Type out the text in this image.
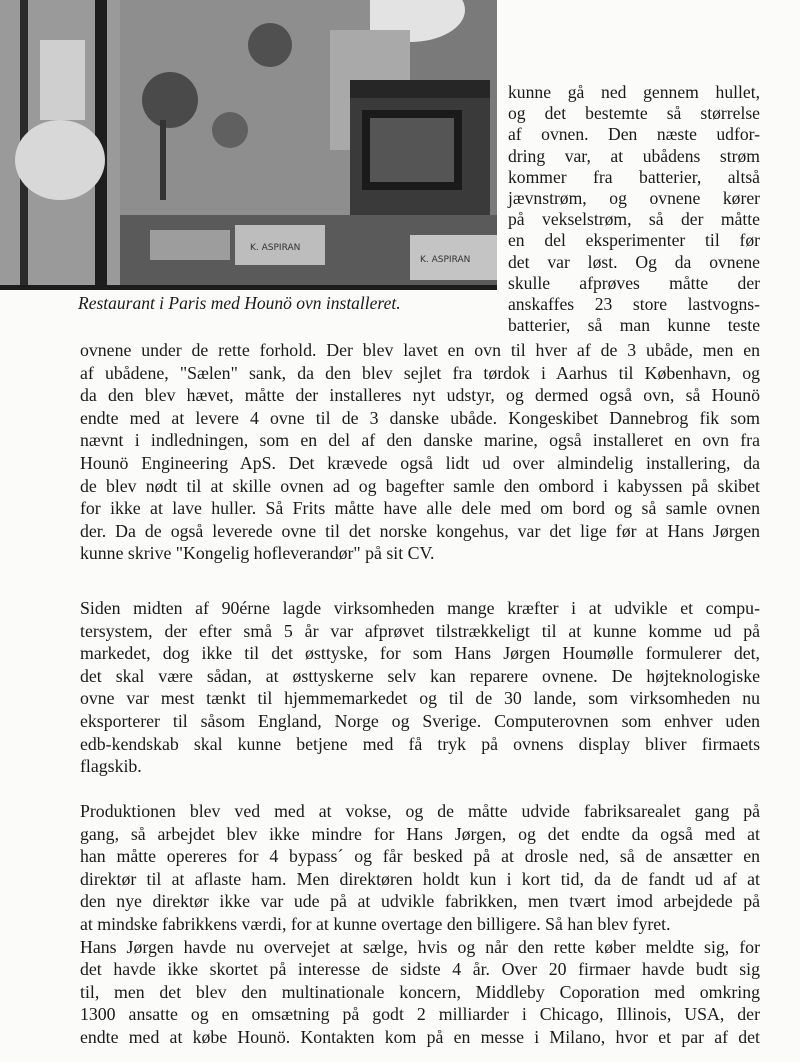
K. ASPIRAN
K. ASPIRAN
Restaurant i Paris med Hounö ovn installeret.
kunne gå ned gennem hullet,
og det bestemte så størrelse
af ovnen. Den næste udfor-
dring var, at ubådens strøm
kommer fra batterier, altså
jævnstrøm, og ovnene kører
på vekselstrøm, så der måtte
en del eksperimenter til før
det var løst. Og da ovnene
skulle afprøves måtte der
anskaffes 23 store lastvogns-
batterier, så man kunne teste
ovnene under de rette forhold. Der blev lavet en ovn til hver af de 3 ubåde, men en
af ubådene, "Sælen" sank, da den blev sejlet fra tørdok i Aarhus til København, og
da den blev hævet, måtte der installeres nyt udstyr, og dermed også ovn, så Hounö
endte med at levere 4 ovne til de 3 danske ubåde. Kongeskibet Dannebrog fik som
nævnt i indledningen, som en del af den danske marine, også installeret en ovn fra
Hounö Engineering ApS. Det krævede også lidt ud over almindelig installering, da
de blev nødt til at skille ovnen ad og bagefter samle den ombord i kabyssen på skibet
for ikke at lave huller. Så Frits måtte have alle dele med om bord og så samle ovnen
der. Da de også leverede ovne til det norske kongehus, var det lige før at Hans Jørgen
kunne skrive "Kongelig hofleverandør" på sit CV.
Siden midten af 90érne lagde virksomheden mange kræfter i at udvikle et compu-
tersystem, der efter små 5 år var afprøvet tilstrækkeligt til at kunne komme ud på
markedet, dog ikke til det østtyske, for som Hans Jørgen Houmølle formulerer det,
det skal være sådan, at østtyskerne selv kan reparere ovnene. De højteknologiske
ovne var mest tænkt til hjemmemarkedet og til de 30 lande, som virksomheden nu
eksporterer til såsom England, Norge og Sverige. Computerovnen som enhver uden
edb-kendskab skal kunne betjene med få tryk på ovnens display bliver firmaets
flagskib.
Produktionen blev ved med at vokse, og de måtte udvide fabriksarealet gang på
gang, så arbejdet blev ikke mindre for Hans Jørgen, og det endte da også med at
han måtte opereres for 4 bypass´ og får besked på at drosle ned, så de ansætter en
direktør til at aflaste ham. Men direktøren holdt kun i kort tid, da de fandt ud af at
den nye direktør ikke var ude på at udvikle fabrikken, men tvært imod arbejdede på
at mindske fabrikkens værdi, for at kunne overtage den billigere. Så han blev fyret.
Hans Jørgen havde nu overvejet at sælge, hvis og når den rette køber meldte sig, for
det havde ikke skortet på interesse de sidste 4 år. Over 20 firmaer havde budt sig
til, men det blev den multinationale koncern, Middleby Coporation med omkring
1300 ansatte og en omsætning på godt 2 milliarder i Chicago, Illinois, USA, der
endte med at købe Hounö. Kontakten kom på en messe i Milano, hvor et par af det
